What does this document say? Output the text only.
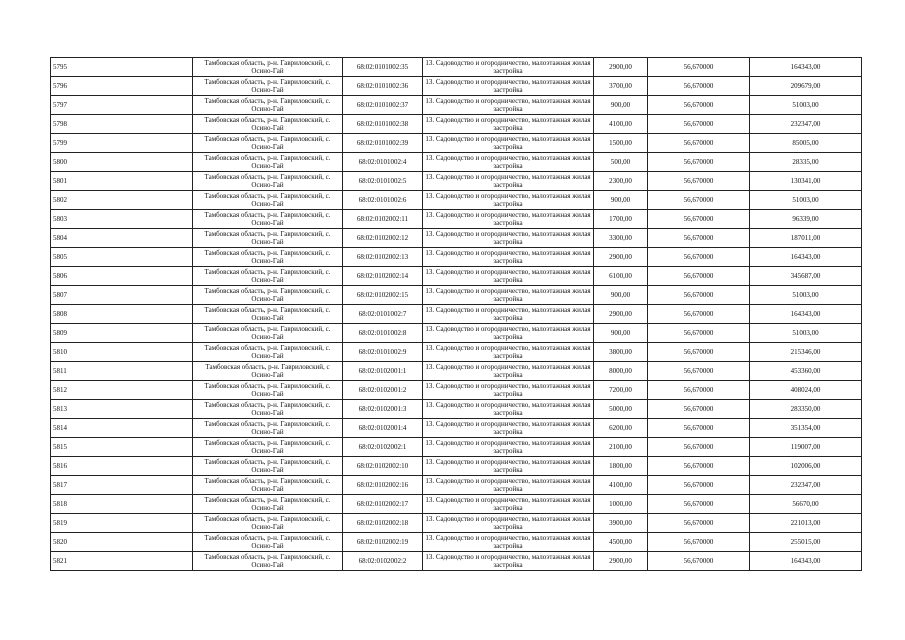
5795	Тамбовская область, р-н. Гавриловский, с. Осино-Гай	68:02:0101002:35	13. Садоводство и огородничество, малоэтажная жилая застройка	2900,00	56,670000	164343,00
5796	Тамбовская область, р-н. Гавриловский, с. Осино-Гай	68:02:0101002:36	13. Садоводство и огородничество, малоэтажная жилая застройка	3700,00	56,670000	209679,00
5797	Тамбовская область, р-н. Гавриловский, с. Осино-Гай	68:02:0101002:37	13. Садоводство и огородничество, малоэтажная жилая застройка	900,00	56,670000	51003,00
5798	Тамбовская область, р-н. Гавриловский, с. Осино-Гай	68:02:0101002:38	13. Садоводство и огородничество, малоэтажная жилая застройка	4100,00	56,670000	232347,00
5799	Тамбовская область, р-н. Гавриловский, с. Осино-Гай	68:02:0101002:39	13. Садоводство и огородничество, малоэтажная жилая застройка	1500,00	56,670000	85005,00
5800	Тамбовская область, р-н. Гавриловский, с. Осино-Гай	68:02:0101002:4	13. Садоводство и огородничество, малоэтажная жилая застройка	500,00	56,670000	28335,00
5801	Тамбовская область, р-н. Гавриловский, с. Осино-Гай	68:02:0101002:5	13. Садоводство и огородничество, малоэтажная жилая застройка	2300,00	56,670000	130341,00
5802	Тамбовская область, р-н. Гавриловский, с. Осино-Гай	68:02:0101002:6	13. Садоводство и огородничество, малоэтажная жилая застройка	900,00	56,670000	51003,00
5803	Тамбовская область, р-н. Гавриловский, с. Осино-Гай	68:02:0102002:11	13. Садоводство и огородничество, малоэтажная жилая застройка	1700,00	56,670000	96339,00
5804	Тамбовская область, р-н. Гавриловский, с. Осино-Гай	68:02:0102002:12	13. Садоводство и огородничество, малоэтажная жилая застройка	3300,00	56,670000	187011,00
5805	Тамбовская область, р-н. Гавриловский, с. Осино-Гай	68:02:0102002:13	13. Садоводство и огородничество, малоэтажная жилая застройка	2900,00	56,670000	164343,00
5806	Тамбовская область, р-н. Гавриловский, с. Осино-Гай	68:02:0102002:14	13. Садоводство и огородничество, малоэтажная жилая застройка	6100,00	56,670000	345687,00
5807	Тамбовская область, р-н. Гавриловский, с. Осино-Гай	68:02:0102002:15	13. Садоводство и огородничество, малоэтажная жилая застройка	900,00	56,670000	51003,00
5808	Тамбовская область, р-н. Гавриловский, с. Осино-Гай	68:02:0101002:7	13. Садоводство и огородничество, малоэтажная жилая застройка	2900,00	56,670000	164343,00
5809	Тамбовская область, р-н. Гавриловский, с. Осино-Гай	68:02:0101002:8	13. Садоводство и огородничество, малоэтажная жилая застройка	900,00	56,670000	51003,00
5810	Тамбовская область, р-н. Гавриловский, с. Осино-Гай	68:02:0101002:9	13. Садоводство и огородничество, малоэтажная жилая застройка	3800,00	56,670000	215346,00
5811	Тамбовская область, р-н. Гавриловский, с Осино-Гай	68:02:0102001:1	13. Садоводство и огородничество, малоэтажная жилая застройка	8000,00	56,670000	453360,00
5812	Тамбовская область, р-н. Гавриловский, с. Осино-Гай	68:02:0102001:2	13. Садоводство и огородничество, малоэтажная жилая застройка	7200,00	56,670000	408024,00
5813	Тамбовская область, р-н. Гавриловский, с. Осино-Гай	68:02:0102001:3	13. Садоводство и огородничество, малоэтажная жилая застройка	5000,00	56,670000	283350,00
5814	Тамбовская область, р-н. Гавриловский, с. Осино-Гай	68:02:0102001:4	13. Садоводство и огородничество, малоэтажная жилая застройка	6200,00	56,670000	351354,00
5815	Тамбовская область, р-н. Гавриловский, с. Осино-Гай	68:02:0102002:1	13. Садоводство и огородничество, малоэтажная жилая застройка	2100,00	56,670000	119007,00
5816	Тамбовская область, р-н. Гавриловский, с. Осино-Гай	68:02:0102002:10	13. Садоводство и огородничество, малоэтажная жилая застройка	1800,00	56,670000	102006,00
5817	Тамбовская область, р-н. Гавриловский, с. Осино-Гай	68:02:0102002:16	13. Садоводство и огородничество, малоэтажная жилая застройка	4100,00	56,670000	232347,00
5818	Тамбовская область, р-н. Гавриловский, с. Осино-Гай	68:02:0102002:17	13. Садоводство и огородничество, малоэтажная жилая застройка	1000,00	56,670000	56670,00
5819	Тамбовская область, р-н. Гавриловский, с. Осино-Гай	68:02:0102002:18	13. Садоводство и огородничество, малоэтажная жилая застройка	3900,00	56,670000	221013,00
5820	Тамбовская область, р-н. Гавриловский, с. Осино-Гай	68:02:0102002:19	13. Садоводство и огородничество, малоэтажная жилая застройка	4500,00	56,670000	255015,00
5821	Тамбовская область, р-н. Гавриловский, с. Осино-Гай	68:02:0102002:2	13. Садоводство и огородничество, малоэтажная жилая застройка	2900,00	56,670000	164343,00
